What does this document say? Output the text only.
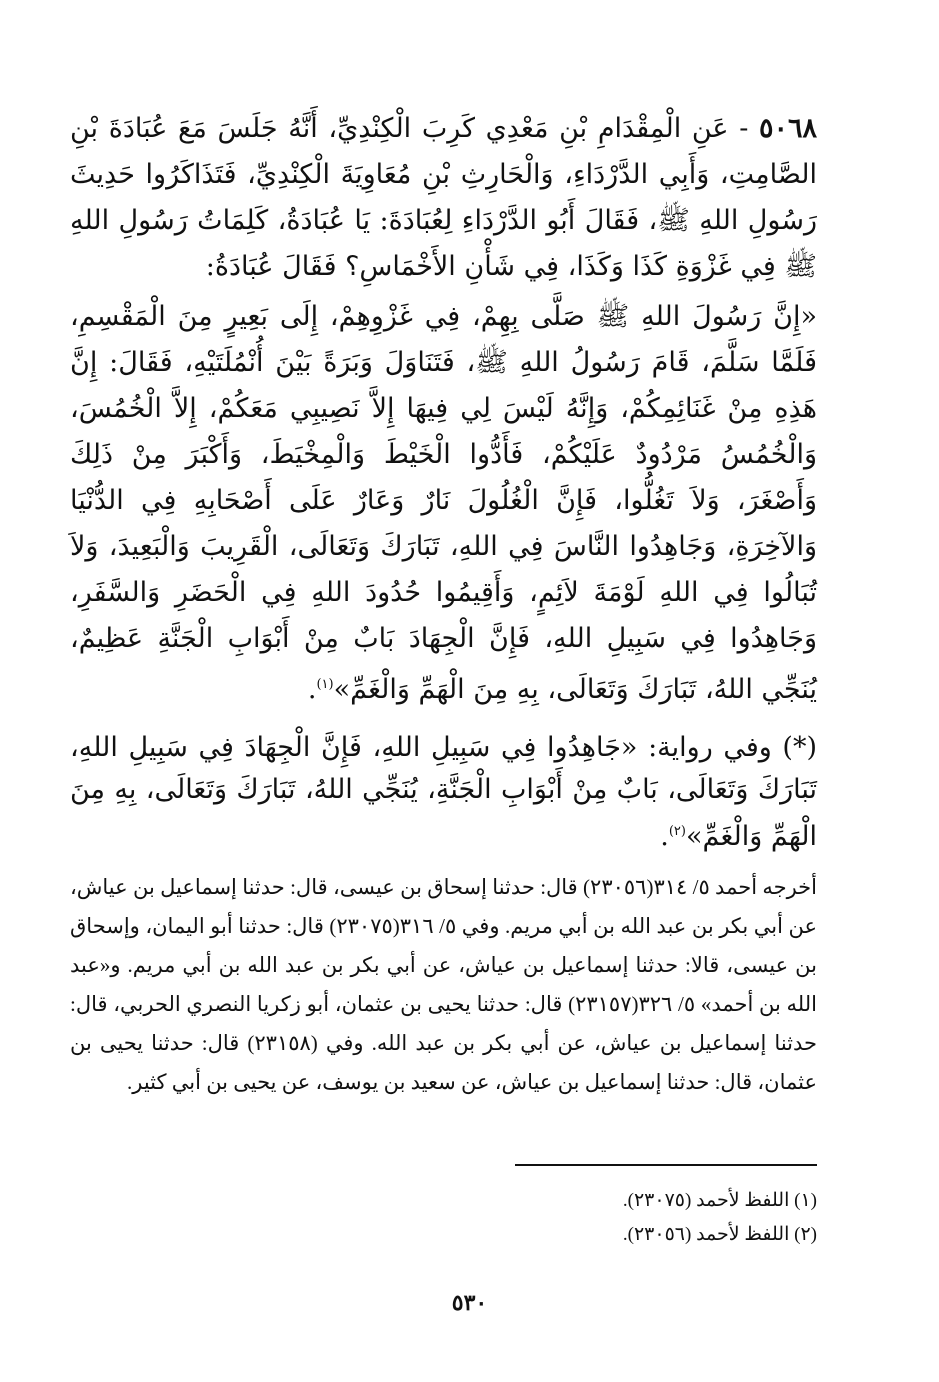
٥٠٦٨ - عَنِ الْمِقْدَامِ بْنِ مَعْدِي كَرِبَ الْكِنْدِيِّ، أَنَّهُ جَلَسَ مَعَ عُبَادَةَ بْنِ الصَّامِتِ، وَأَبِي الدَّرْدَاءِ، وَالْحَارِثِ بْنِ مُعَاوِيَةَ الْكِنْدِيِّ، فَتَذَاكَرُوا حَدِيثَ رَسُولِ اللهِ ﷺ، فَقَالَ أَبُو الدَّرْدَاءِ لِعُبَادَةَ: يَا عُبَادَةُ، كَلِمَاتُ رَسُولِ اللهِ ﷺ فِي غَزْوَةِ كَذَا وَكَذَا، فِي شَأْنِ الأَخْمَاسِ؟ فَقَالَ عُبَادَةُ:

«إِنَّ رَسُولَ اللهِ ﷺ صَلَّى بِهِمْ، فِي غَزْوِهِمْ، إِلَى بَعِيرٍ مِنَ الْمَقْسِمِ، فَلَمَّا سَلَّمَ، قَامَ رَسُولُ اللهِ ﷺ، فَتَنَاوَلَ وَبَرَةً بَيْنَ أُنْمُلَتَيْهِ، فَقَالَ: إِنَّ هَذِهِ مِنْ غَنَائِمِكُمْ، وَإِنَّهُ لَيْسَ لِي فِيهَا إِلاَّ نَصِيبِي مَعَكُمْ، إِلاَّ الْخُمُسَ، وَالْخُمُسُ مَرْدُودٌ عَلَيْكُمْ، فَأَدُّوا الْخَيْطَ وَالْمِخْيَطَ، وَأَكْبَرَ مِنْ ذَلِكَ وَأَصْغَرَ، وَلاَ تَغُلُّوا، فَإِنَّ الْغُلُولَ نَارٌ وَعَارٌ عَلَى أَصْحَابِهِ فِي الدُّنْيَا وَالآخِرَةِ، وَجَاهِدُوا النَّاسَ فِي اللهِ، تَبَارَكَ وَتَعَالَى، الْقَرِيبَ وَالْبَعِيدَ، وَلاَ تُبَالُوا فِي اللهِ لَوْمَةَ لاَئِمٍ، وَأَقِيمُوا حُدُودَ اللهِ فِي الْحَضَرِ وَالسَّفَرِ، وَجَاهِدُوا فِي سَبِيلِ اللهِ، فَإِنَّ الْجِهَادَ بَابٌ مِنْ أَبْوَابِ الْجَنَّةِ عَظِيمٌ، يُنَجِّي اللهُ، تَبَارَكَ وَتَعَالَى، بِهِ مِنَ الْهَمِّ وَالْغَمِّ»$^{(١)}$.

(*) وفي رواية: «جَاهِدُوا فِي سَبِيلِ اللهِ، فَإِنَّ الْجِهَادَ فِي سَبِيلِ اللهِ، تَبَارَكَ وَتَعَالَى، بَابٌ مِنْ أَبْوَابِ الْجَنَّةِ، يُنَجِّي اللهُ، تَبَارَكَ وَتَعَالَى، بِهِ مِنَ الْهَمِّ وَالْغَمِّ»$^{(٢)}$.

أخرجه أحمد ٥/ ٣١٤(٢٣٠٥٦) قال: حدثنا إسحاق بن عيسى، قال: حدثنا إسماعيل بن عياش، عن أبي بكر بن عبد الله بن أبي مريم. وفي ٥/ ٣١٦(٢٣٠٧٥) قال: حدثنا أبو اليمان، وإسحاق بن عيسى، قالا: حدثنا إسماعيل بن عياش، عن أبي بكر بن عبد الله بن أبي مريم. و«عبد الله بن أحمد» ٥/ ٣٢٦(٢٣١٥٧) قال: حدثنا يحيى بن عثمان، أبو زكريا النصري الحربي، قال: حدثنا إسماعيل بن عياش، عن أبي بكر بن عبد الله. وفي (٢٣١٥٨) قال: حدثنا يحيى بن عثمان، قال: حدثنا إسماعيل بن عياش، عن سعيد بن يوسف، عن يحيى بن أبي كثير.

(١) اللفظ لأحمد (٢٣٠٧٥).

(٢) اللفظ لأحمد (٢٣٠٥٦).

٥٣٠
